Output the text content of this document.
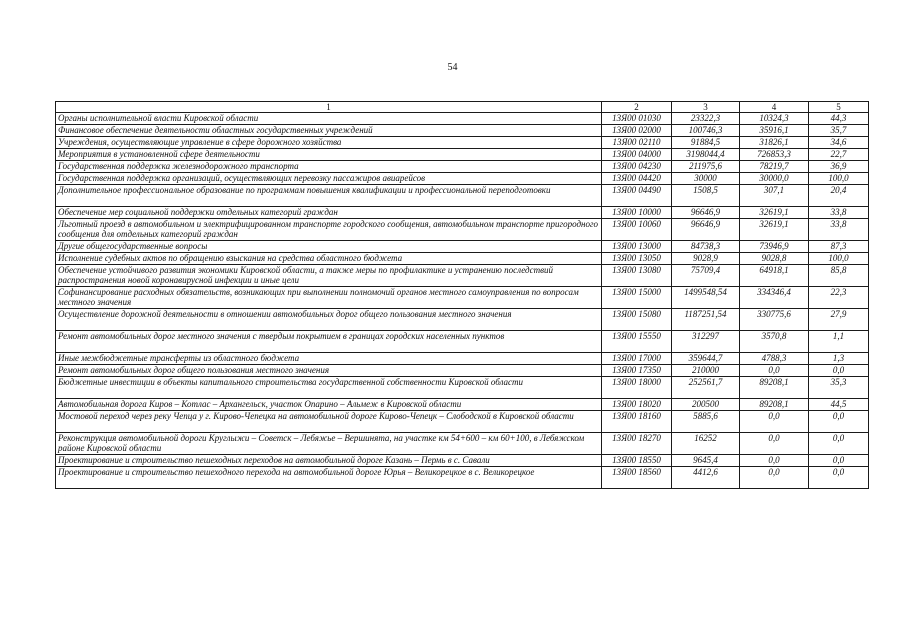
54
1	2	3	4	5
Органы исполнительной власти Кировской области	13Я00 01030	23322,3	10324,3	44,3
Финансовое обеспечение деятельности областных государственных учреждений	13Я00 02000	100746,3	35916,1	35,7
Учреждения, осуществляющие управление в сфере дорожного хозяйства	13Я00 02110	91884,5	31826,1	34,6
Мероприятия в установленной сфере деятельности	13Я00 04000	3198044,4	726853,3	22,7
Государственная поддержка железнодорожного транспорта	13Я00 04230	211975,6	78219,7	36,9
Государственная поддержка организаций, осуществляющих перевозку пассажиров авиарейсов	13Я00 04420	30000	30000,0	100,0
Дополнительное профессиональное образование по программам повышения квалификации и профессиональной переподготовки	13Я00 04490	1508,5	307,1	20,4
Обеспечение мер социальной поддержки отдельных категорий граждан	13Я00 10000	96646,9	32619,1	33,8
Льготный проезд в автомобильном и электрифицированном транспорте городского сообщения, автомобильном транспорте пригородного сообщения для отдельных категорий граждан	13Я00 10060	96646,9	32619,1	33,8
Другие общегосударственные вопросы	13Я00 13000	84738,3	73946,9	87,3
Исполнение судебных актов по обращению взыскания на средства областного бюджета	13Я00 13050	9028,9	9028,8	100,0
Обеспечение устойчивого развития экономики Кировской области, а также меры по профилактике и устранению последствий распространения новой коронавирусной инфекции и иные цели	13Я00 13080	75709,4	64918,1	85,8
Софинансирование расходных обязательств, возникающих при выполнении полномочий органов местного самоуправления по вопросам местного значения	13Я00 15000	1499548,54	334346,4	22,3
Осуществление дорожной деятельности в отношении автомобильных дорог общего пользования местного значения	13Я00 15080	1187251,54	330775,6	27,9
Ремонт автомобильных дорог местного значения с твердым покрытием в границах городских населенных пунктов	13Я00 15550	312297	3570,8	1,1
Иные межбюджетные трансферты из областного бюджета	13Я00 17000	359644,7	4788,3	1,3
Ремонт автомобильных дорог общего пользования местного значения	13Я00 17350	210000	0,0	0,0
Бюджетные инвестиции в объекты капитального строительства государственной собственности Кировской области	13Я00 18000	252561,7	89208,1	35,3
Автомобильная дорога Киров – Котлас – Архангельск, участок Опарино – Альмеж в Кировской области	13Я00 18020	200500	89208,1	44,5
Мостовой переход через реку Чепца у г. Кирово-Чепецка на автомобильной дороге Кирово-Чепецк – Слободской в Кировской области	13Я00 18160	5885,6	0,0	0,0
Реконструкция автомобильной дороги Круглыжи – Советск – Лебяжье – Вершинята, на участке км 54+600 – км 60+100, в Лебяжском районе Кировской области	13Я00 18270	16252	0,0	0,0
Проектирование и строительство пешеходных переходов на автомобильной дороге Казань – Пермь в с. Савали	13Я00 18550	9645,4	0,0	0,0
Проектирование и строительство пешеходного перехода на автомобильной дороге Юрья – Великорецкое в с. Великорецкое	13Я00 18560	4412,6	0,0	0,0
